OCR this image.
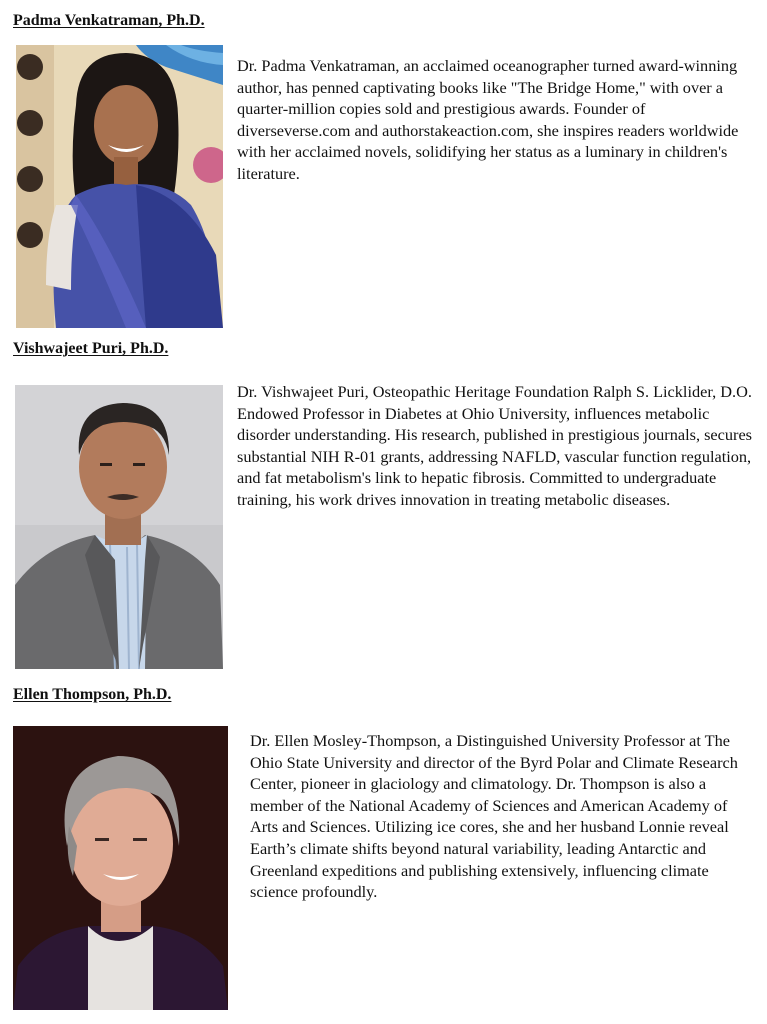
Padma Venkatraman, Ph.D.

Dr. Padma Venkatraman, an acclaimed oceanographer turned award-winning author, has penned captivating books like "The Bridge Home," with over a quarter-million copies sold and prestigious awards. Founder of diverseverse.com and authorstakeaction.com, she inspires readers worldwide with her acclaimed novels, solidifying her status as a luminary in children's literature.

Vishwajeet Puri, Ph.D.

Dr. Vishwajeet Puri, Osteopathic Heritage Foundation Ralph S. Licklider, D.O. Endowed Professor in Diabetes at Ohio University, influences metabolic disorder understanding. His research, published in prestigious journals, secures substantial NIH R-01 grants, addressing NAFLD, vascular function regulation, and fat metabolism's link to hepatic fibrosis. Committed to undergraduate training, his work drives innovation in treating metabolic diseases.

Ellen Thompson, Ph.D.

Dr. Ellen Mosley-Thompson, a Distinguished University Professor at The Ohio State University and director of the Byrd Polar and Climate Research Center, pioneer in glaciology and climatology. Dr. Thompson is also a member of the National Academy of Sciences and American Academy of Arts and Sciences. Utilizing ice cores, she and her husband Lonnie reveal Earth’s climate shifts beyond natural variability, leading Antarctic and Greenland expeditions and publishing extensively, influencing climate science profoundly.
